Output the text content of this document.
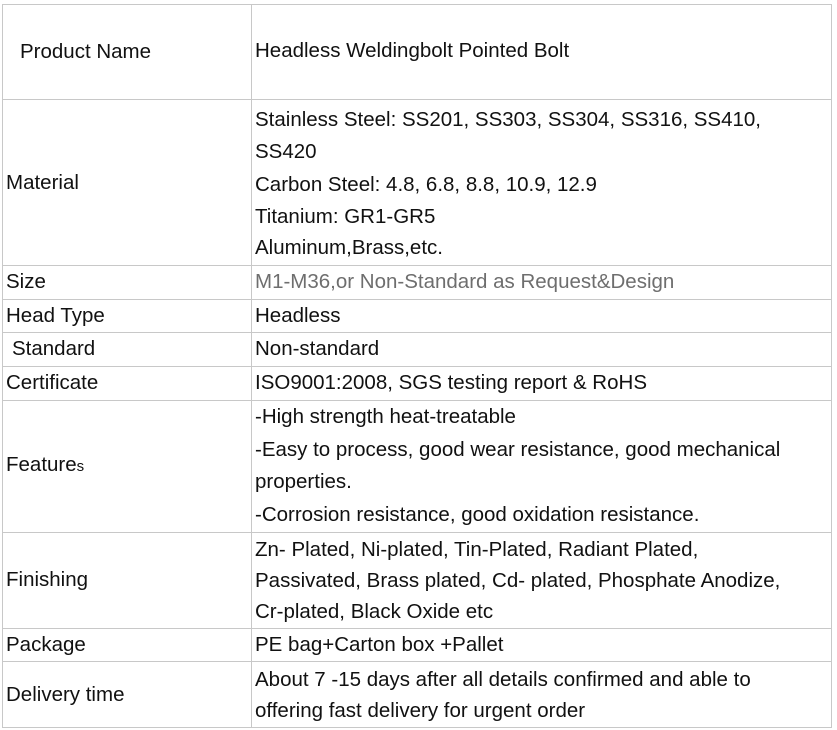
Product Name	Headless Weldingbolt Pointed Bolt

Material	Stainless Steel: SS201, SS303, SS304, SS316, SS410,
SS420
Carbon Steel: 4.8, 6.8, 8.8, 10.9, 12.9
Titanium: GR1-GR5
Aluminum,Brass,etc.

Size	M1-M36,or Non-Standard as Request&Design

Head Type	Headless

Standard	Non-standard

Certificate	ISO9001:2008, SGS testing report & RoHS

Features	-High strength heat-treatable
-Easy to process, good wear resistance, good mechanical
properties.
-Corrosion resistance, good oxidation resistance.

Finishing	Zn- Plated, Ni-plated, Tin-Plated, Radiant Plated,
Passivated, Brass plated, Cd- plated, Phosphate Anodize,
Cr-plated, Black Oxide etc

Package	PE bag+Carton box +Pallet

Delivery time	About 7 -15 days after all details confirmed and able to
offering fast delivery for urgent order
